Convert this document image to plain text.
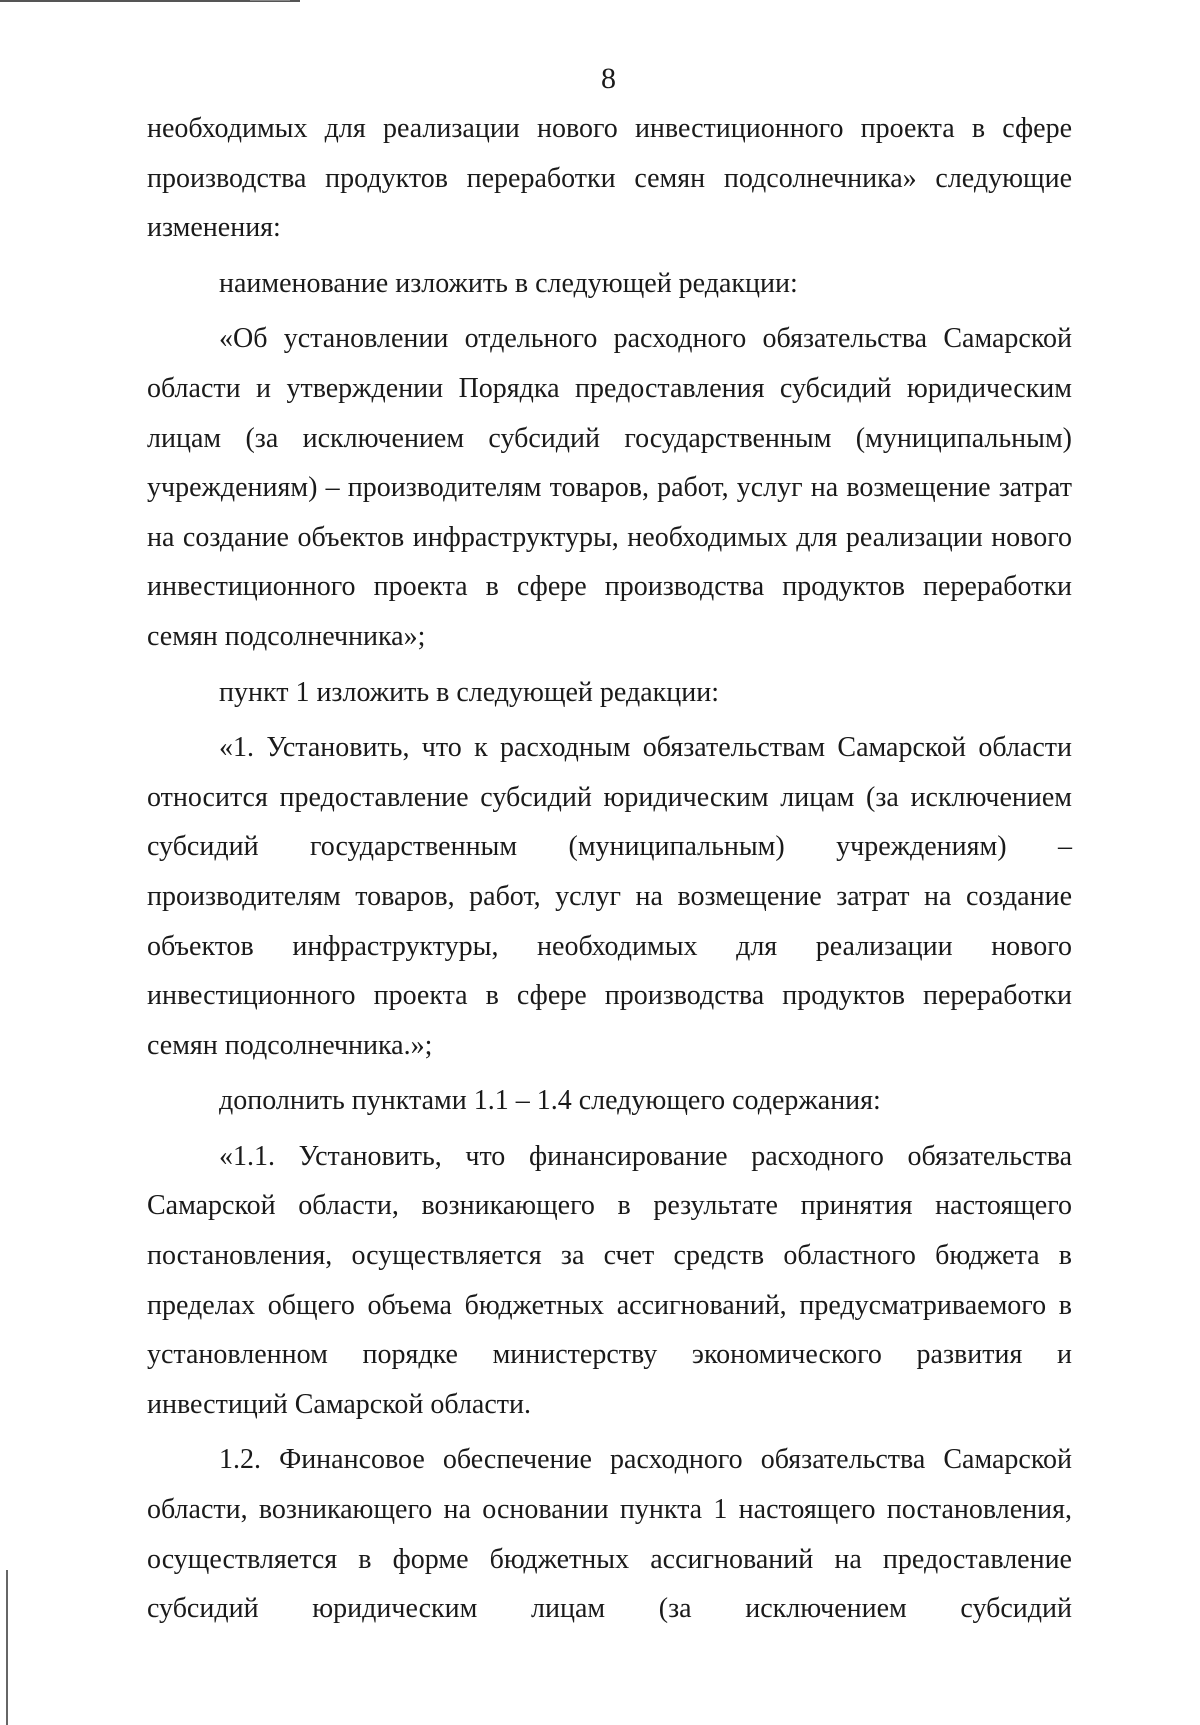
8

необходимых для реализации нового инвестиционного проекта в сфере производства продуктов переработки семян подсолнечника» следующие изменения:

наименование изложить в следующей редакции:

«Об установлении отдельного расходного обязательства Самарской области и утверждении Порядка предоставления субсидий юридическим лицам (за исключением субсидий государственным (муниципальным) учреждениям) – производителям товаров, работ, услуг на возмещение затрат на создание объектов инфраструктуры, необходимых для реализации нового инвестиционного проекта в сфере производства продуктов переработки семян подсолнечника»;

пункт 1 изложить в следующей редакции:

«1. Установить, что к расходным обязательствам Самарской области относится предоставление субсидий юридическим лицам (за исключением субсидий государственным (муниципальным) учреждениям) – производителям товаров, работ, услуг на возмещение затрат на создание объектов инфраструктуры, необходимых для реализации нового инвестиционного проекта в сфере производства продуктов переработки семян подсолнечника.»;

дополнить пунктами 1.1 – 1.4 следующего содержания:

«1.1. Установить, что финансирование расходного обязательства Самарской области, возникающего в результате принятия настоящего постановления, осуществляется за счет средств областного бюджета в пределах общего объема бюджетных ассигнований, предусматриваемого в установленном порядке министерству экономического развития и инвестиций Самарской области.

1.2. Финансовое обеспечение расходного обязательства Самарской области, возникающего на основании пункта 1 настоящего постановления, осуществляется в форме бюджетных ассигнований на предоставление субсидий юридическим лицам (за исключением субсидий
